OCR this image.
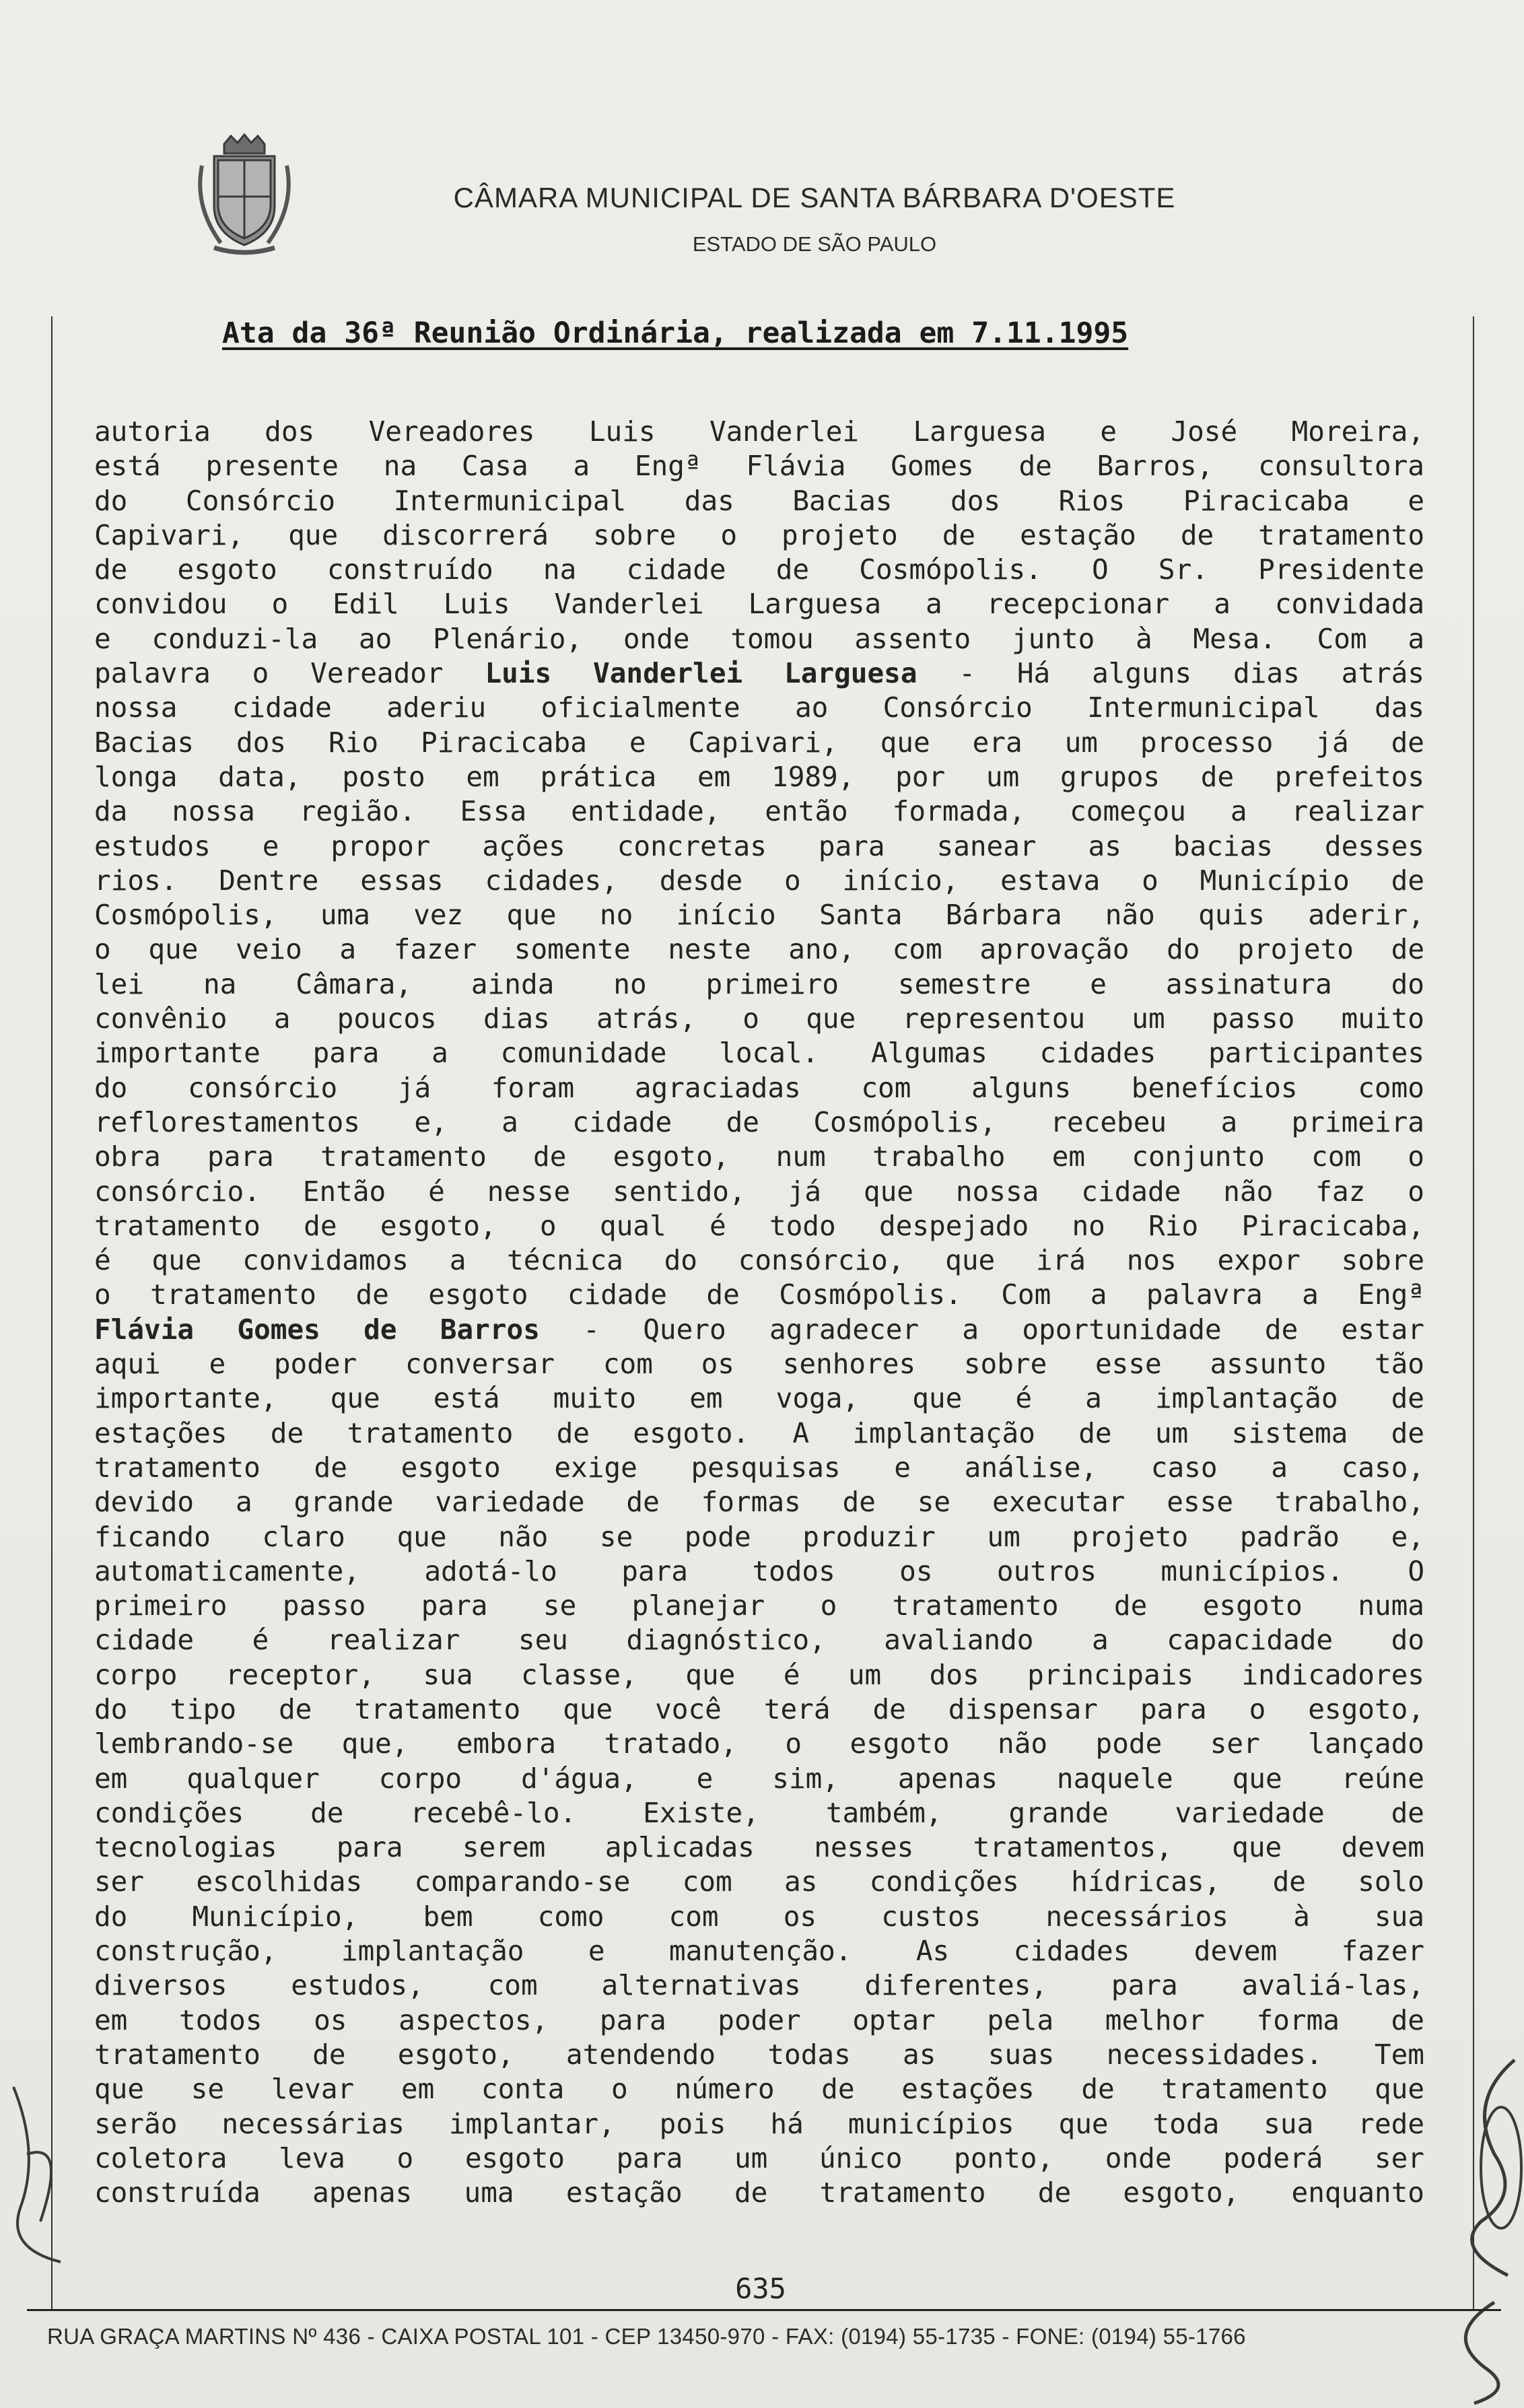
CÂMARA MUNICIPAL DE SANTA BÁRBARA D'OESTE
ESTADO DE SÃO PAULO
Ata da 36ª Reunião Ordinária, realizada em 7.11.1995
autoria dos Vereadores Luis Vanderlei Larguesa e José Moreira,
está presente na Casa a Engª Flávia Gomes de Barros, consultora
do Consórcio Intermunicipal das Bacias dos Rios Piracicaba e
Capivari, que discorrerá sobre o projeto de estação de tratamento
de esgoto construído na cidade de Cosmópolis. O Sr. Presidente
convidou o Edil Luis Vanderlei Larguesa a recepcionar a convidada
e conduzi-la ao Plenário, onde tomou assento junto à Mesa. Com a
palavra o Vereador Luis Vanderlei Larguesa - Há alguns dias atrás
nossa cidade aderiu oficialmente ao Consórcio Intermunicipal das
Bacias dos Rio Piracicaba e Capivari, que era um processo já de
longa data, posto em prática em 1989, por um grupos de prefeitos
da nossa região. Essa entidade, então formada, começou a realizar
estudos e propor ações concretas para sanear as bacias desses
rios. Dentre essas cidades, desde o início, estava o Município de
Cosmópolis, uma vez que no início Santa Bárbara não quis aderir,
o que veio a fazer somente neste ano, com aprovação do projeto de
lei na Câmara, ainda no primeiro semestre e assinatura do
convênio a poucos dias atrás, o que representou um passo muito
importante para a comunidade local. Algumas cidades participantes
do consórcio já foram agraciadas com alguns benefícios como
reflorestamentos e, a cidade de Cosmópolis, recebeu a primeira
obra para tratamento de esgoto, num trabalho em conjunto com o
consórcio. Então é nesse sentido, já que nossa cidade não faz o
tratamento de esgoto, o qual é todo despejado no Rio Piracicaba,
é que convidamos a técnica do consórcio, que irá nos expor sobre
o tratamento de esgoto cidade de Cosmópolis. Com a palavra a Engª
Flávia Gomes de Barros - Quero agradecer a oportunidade de estar
aqui e poder conversar com os senhores sobre esse assunto tão
importante, que está muito em voga, que é a implantação de
estações de tratamento de esgoto. A implantação de um sistema de
tratamento de esgoto exige pesquisas e análise, caso a caso,
devido a grande variedade de formas de se executar esse trabalho,
ficando claro que não se pode produzir um projeto padrão e,
automaticamente, adotá-lo para todos os outros municípios. O
primeiro passo para se planejar o tratamento de esgoto numa
cidade é realizar seu diagnóstico, avaliando a capacidade do
corpo receptor, sua classe, que é um dos principais indicadores
do tipo de tratamento que você terá de dispensar para o esgoto,
lembrando-se que, embora tratado, o esgoto não pode ser lançado
em qualquer corpo d'água, e sim, apenas naquele que reúne
condições de recebê-lo. Existe, também, grande variedade de
tecnologias para serem aplicadas nesses tratamentos, que devem
ser escolhidas comparando-se com as condições hídricas, de solo
do Município, bem como com os custos necessários à sua
construção, implantação e manutenção. As cidades devem fazer
diversos estudos, com alternativas diferentes, para avaliá-las,
em todos os aspectos, para poder optar pela melhor forma de
tratamento de esgoto, atendendo todas as suas necessidades. Tem
que se levar em conta o número de estações de tratamento que
serão necessárias implantar, pois há municípios que toda sua rede
coletora leva o esgoto para um único ponto, onde poderá ser
construída apenas uma estação de tratamento de esgoto, enquanto
635
RUA GRAÇA MARTINS Nº 436 - CAIXA POSTAL 101 - CEP 13450-970 - FAX: (0194) 55-1735 - FONE: (0194) 55-1766
